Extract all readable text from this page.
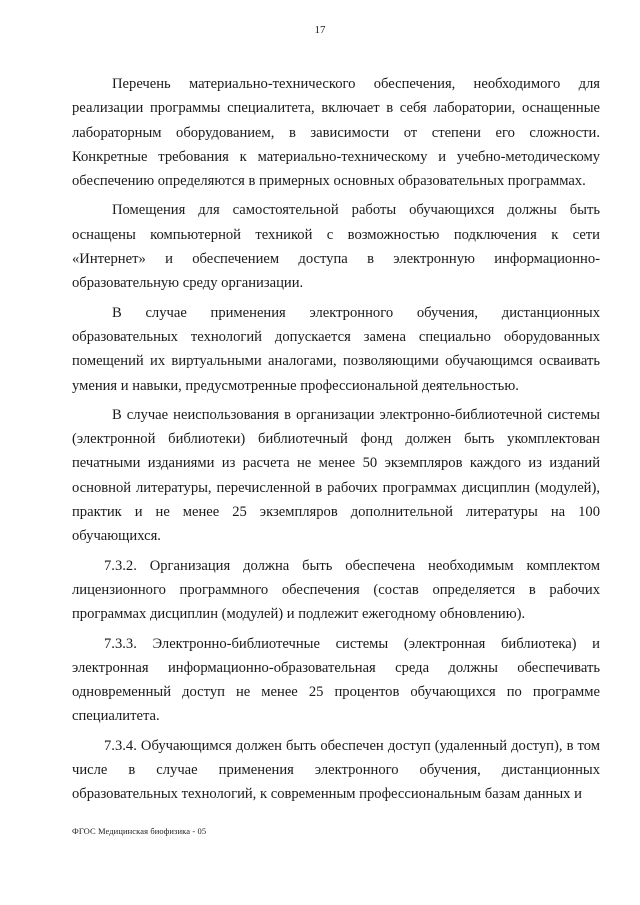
17

Перечень материально-технического обеспечения, необходимого для реализации программы специалитета, включает в себя лаборатории, оснащенные лабораторным оборудованием, в зависимости от степени его сложности. Конкретные требования к материально-техническому и учебно-методическому обеспечению определяются в примерных основных образовательных программах.

Помещения для самостоятельной работы обучающихся должны быть оснащены компьютерной техникой с возможностью подключения к сети «Интернет» и обеспечением доступа в электронную информационно-образовательную среду организации.

В случае применения электронного обучения, дистанционных образовательных технологий допускается замена специально оборудованных помещений их виртуальными аналогами, позволяющими обучающимся осваивать умения и навыки, предусмотренные профессиональной деятельностью.

В случае неиспользования в организации электронно-библиотечной системы (электронной библиотеки) библиотечный фонд должен быть укомплектован печатными изданиями из расчета не менее 50 экземпляров каждого из изданий основной литературы, перечисленной в рабочих программах дисциплин (модулей), практик и не менее 25 экземпляров дополнительной литературы на 100 обучающихся.

7.3.2. Организация должна быть обеспечена необходимым комплектом лицензионного программного обеспечения (состав определяется в рабочих программах дисциплин (модулей) и подлежит ежегодному обновлению).

7.3.3. Электронно-библиотечные системы (электронная библиотека) и электронная информационно-образовательная среда должны обеспечивать одновременный доступ не менее 25 процентов обучающихся по программе специалитета.

7.3.4. Обучающимся должен быть обеспечен доступ (удаленный доступ), в том числе в случае применения электронного обучения, дистанционных образовательных технологий, к современным профессиональным базам данных и

ФГОС Медицинская биофизика - 05
